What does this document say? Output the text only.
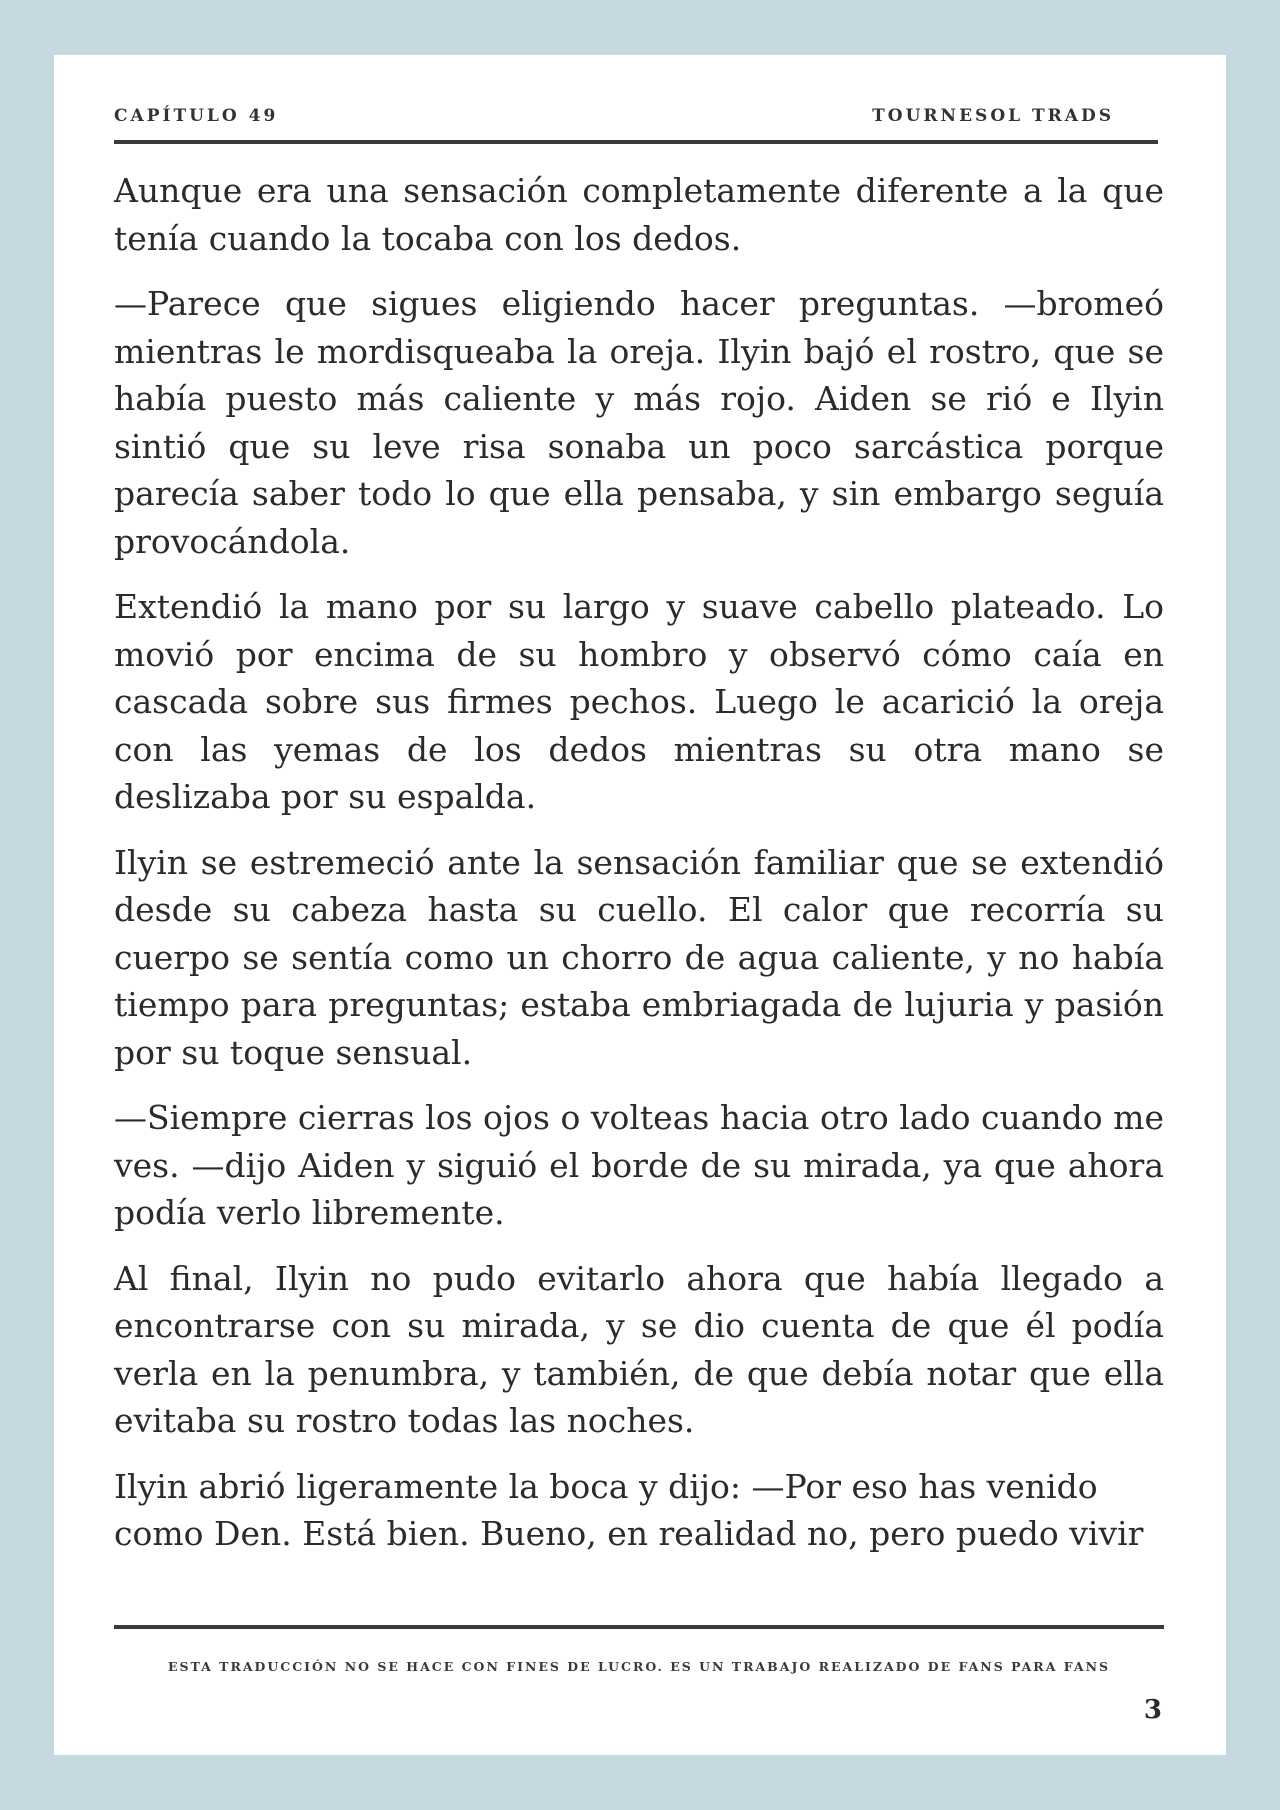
CAPÍTULO 49	TOURNESOL TRADS

Aunque era una sensación completamente diferente a la que tenía cuando la tocaba con los dedos.

—Parece que sigues eligiendo hacer preguntas. —bromeó mientras le mordisqueaba la oreja. Ilyin bajó el rostro, que se había puesto más caliente y más rojo. Aiden se rió e Ilyin sintió que su leve risa sonaba un poco sarcástica porque parecía saber todo lo que ella pensaba, y sin embargo seguía provocándola.

Extendió la mano por su largo y suave cabello plateado. Lo movió por encima de su hombro y observó cómo caía en cascada sobre sus firmes pechos. Luego le acarició la oreja con las yemas de los dedos mientras su otra mano se deslizaba por su espalda.

Ilyin se estremeció ante la sensación familiar que se extendió desde su cabeza hasta su cuello. El calor que recorría su cuerpo se sentía como un chorro de agua caliente, y no había tiempo para preguntas; estaba embriagada de lujuria y pasión por su toque sensual.

—Siempre cierras los ojos o volteas hacia otro lado cuando me ves. —dijo Aiden y siguió el borde de su mirada, ya que ahora podía verlo libremente.

Al final, Ilyin no pudo evitarlo ahora que había llegado a encontrarse con su mirada, y se dio cuenta de que él podía verla en la penumbra, y también, de que debía notar que ella evitaba su rostro todas las noches.

Ilyin abrió ligeramente la boca y dijo: —Por eso has venido como Den. Está bien. Bueno, en realidad no, pero puedo vivir

ESTA TRADUCCIÓN NO SE HACE CON FINES DE LUCRO. ES UN TRABAJO REALIZADO DE FANS PARA FANS
3
